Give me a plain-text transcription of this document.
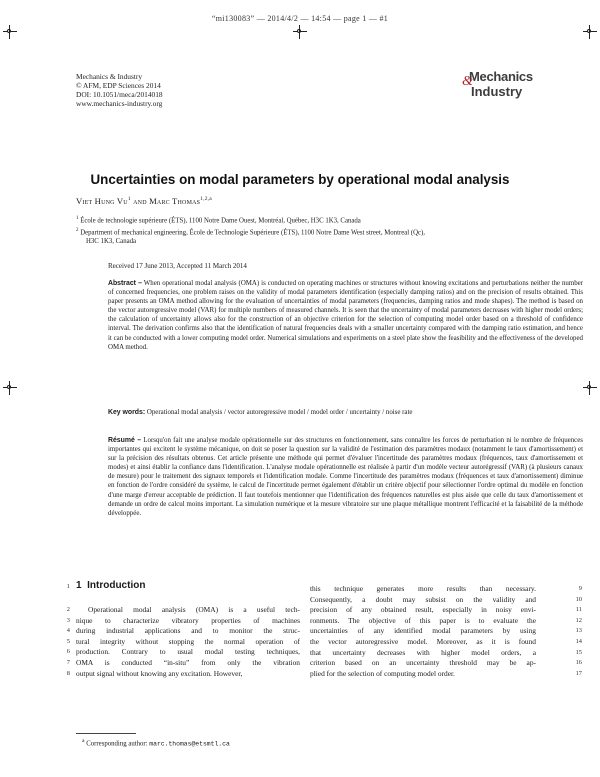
“mi130083” — 2014/4/2 — 14:54 — page 1 — #1
Mechanics & Industry
© AFM, EDP Sciences 2014
DOI: 10.1051/meca/2014018
www.mechanics-industry.org
Mechanics
&
Industry
Uncertainties on modal parameters by operational modal analysis
Viet Hung Vu$^1$ and Marc Thomas$^{1,2,a}$
$^1$ École de technologie supérieure (ÉTS), 1100 Notre Dame Ouest, Montréal, Québec, H3C 1K3, Canada
$^2$ Department of mechanical engineering, École de Technologie Supérieure (ÉTS), 1100 Notre Dame West street, Montreal (Qc),
H3C 1K3, Canada
Received 17 June 2013, Accepted 11 March 2014
Abstract – When operational modal analysis (OMA) is conducted on operating machines or structures without knowing excitations and perturbations neither the number of concerned frequencies, one problem raises on the validity of modal parameters identification (especially damping ratios) and on the precision of results obtained. This paper presents an OMA method allowing for the evaluation of uncertainties of modal parameters (frequencies, damping ratios and mode shapes). The method is based on the vector autoregressive model (VAR) for multiple numbers of measured channels. It is seen that the uncertainty of modal parameters decreases with higher model orders; the calculation of uncertainty allows also for the construction of an objective criterion for the selection of computing model order based on a threshold of confidence interval. The derivation confirms also that the identification of natural frequencies deals with a smaller uncertainty compared with the damping ratio estimation, and hence it can be conducted with a lower computing model order. Numerical simulations and experiments on a steel plate show the feasibility and the effectiveness of the developed OMA method.
Key words: Operational modal analysis / vector autoregressive model / model order / uncertainty / noise rate
Résumé – Lorsqu'on fait une analyse modale opérationnelle sur des structures en fonctionnement, sans connaître les forces de perturbation ni le nombre de fréquences importantes qui excitent le système mécanique, on doit se poser la question sur la validité de l'estimation des paramètres modaux (notamment le taux d'amortissement) et sur la précision des résultats obtenus. Cet article présente une méthode qui permet d'évaluer l'incertitude des paramètres modaux (fréquences, taux d'amortissement et modes) et ainsi établir la confiance dans l'identification. L'analyse modale opérationnelle est réalisée à partir d'un modèle vecteur autorégressif (VAR) (à plusieurs canaux de mesure) pour le traitement des signaux temporels et l'identification modale. Comme l'incertitude des paramètres modaux (fréquences et taux d'amortissement) diminue en fonction de l'ordre considéré du système, le calcul de l'incertitude permet également d'établir un critère objectif pour sélectionner l'ordre optimal du modèle en fonction d'une marge d'erreur acceptable de prédiction. Il faut toutefois mentionner que l'identification des fréquences naturelles est plus aisée que celle du taux d'amortissement et demande un ordre de calcul moins important. La simulation numérique et la mesure vibratoire sur une plaque métallique montrent l'efficacité et la faisabilité de la méthode développée.
1 1 Introduction
2 Operational modal analysis (OMA) is a useful tech-
3 nique to characterize vibratory properties of machines
4 during industrial applications and to monitor the struc-
5 tural integrity without stopping the normal operation of
6 production. Contrary to usual modal testing techniques,
7 OMA is conducted “in-situ” from only the vibration
8 output signal without knowing any excitation. However,
9
this technique generates more results than necessary.
10
Consequently, a doubt may subsist on the validity and
11
precision of any obtained result, especially in noisy envi-
12
ronments. The objective of this paper is to evaluate the
13
uncertainties of any identified modal parameters by using
14
the vector autoregressive model. Moreover, as it is found
15
that uncertainty decreases with higher model orders, a
16
criterion based on an uncertainty threshold may be ap-
17
plied for the selection of computing model order.
$^a$ Corresponding author: marc.thomas@etsmtl.ca
